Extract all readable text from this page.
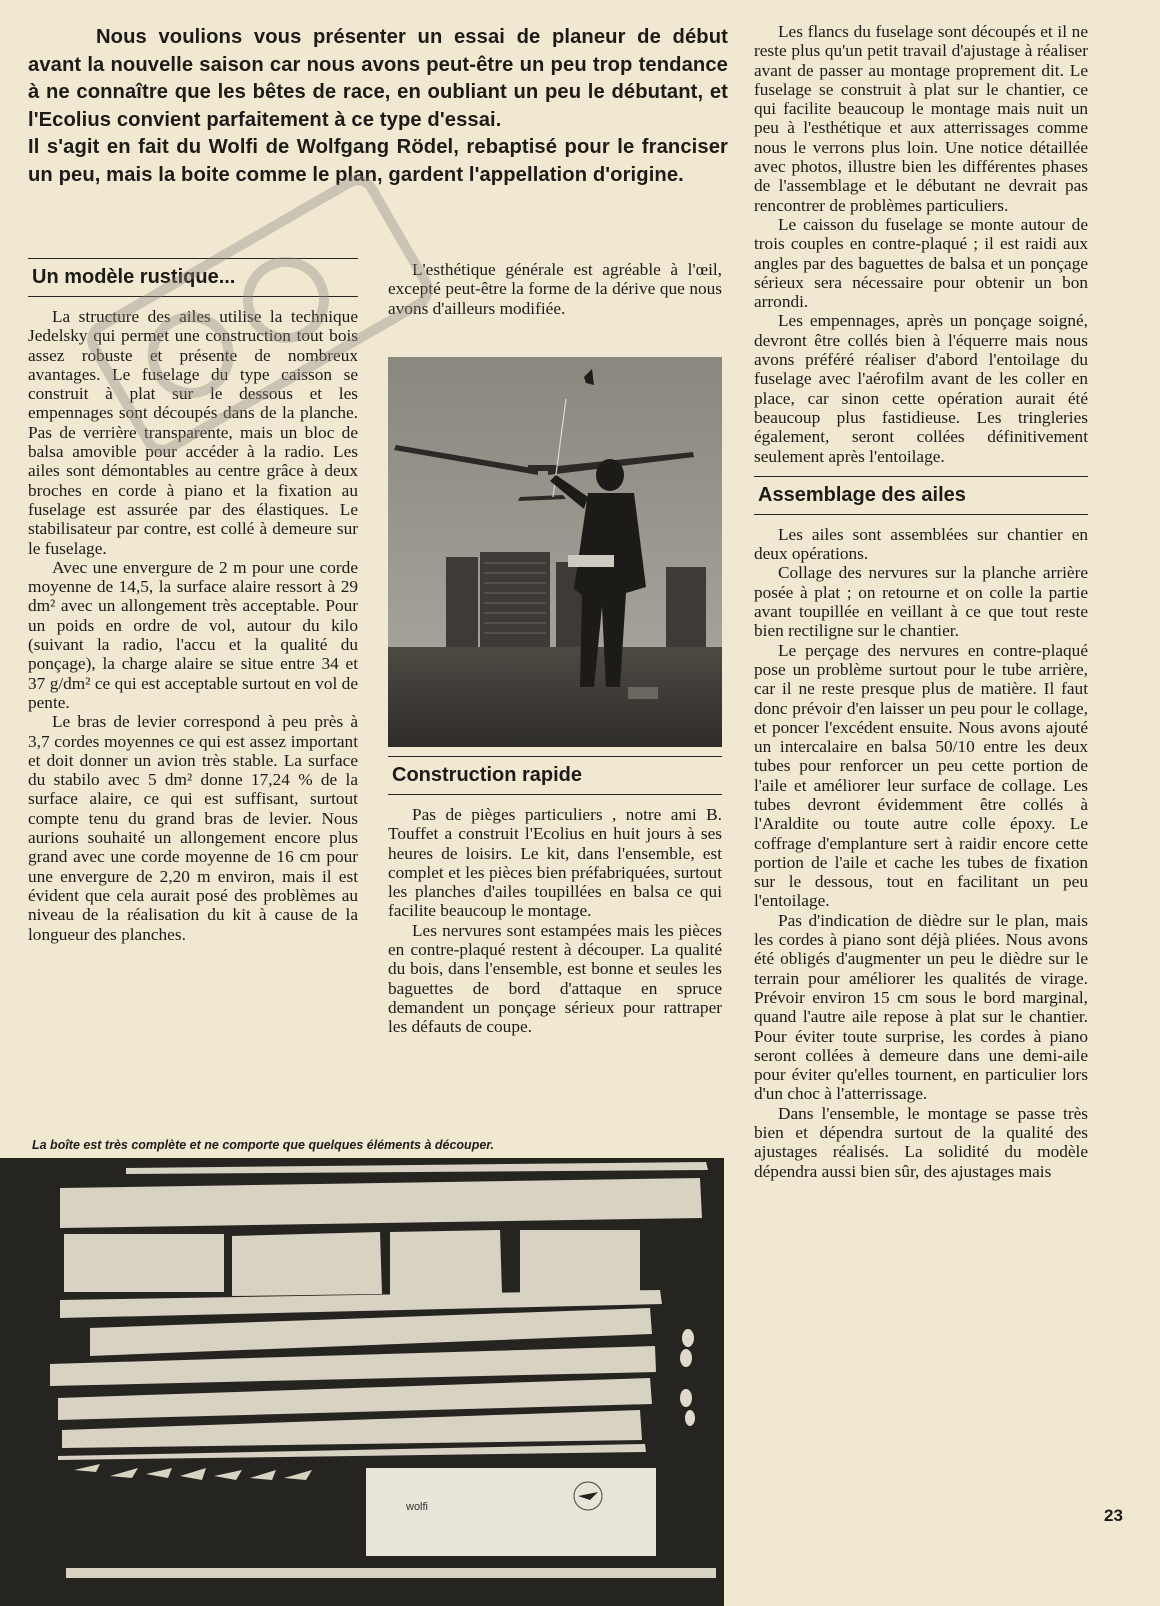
Nous voulions vous présenter un essai de planeur de début avant la nouvelle saison car nous avons peut-être un peu trop tendance à ne connaître que les bêtes de race, en oubliant un peu le débutant, et l'Ecolius convient parfaitement à ce type d'essai.

Il s'agit en fait du Wolfi de Wolfgang Rödel, rebaptisé pour le franciser un peu, mais la boite comme le plan, gardent l'appellation d'origine.

Un modèle rustique...

La structure des ailes utilise la technique Jedelsky qui permet une construction tout bois assez robuste et présente de nombreux avantages. Le fuselage du type caisson se construit à plat sur le dessous et les empennages sont découpés dans de la planche. Pas de verrière transparente, mais un bloc de balsa amovible pour accéder à la radio. Les ailes sont démontables au centre grâce à deux broches en corde à piano et la fixation au fuselage est assurée par des élastiques. Le stabilisateur par contre, est collé à demeure sur le fuselage.

Avec une envergure de 2 m pour une corde moyenne de 14,5, la surface alaire ressort à 29 dm² avec un allongement très acceptable. Pour un poids en ordre de vol, autour du kilo (suivant la radio, l'accu et la qualité du ponçage), la charge alaire se situe entre 34 et 37 g/dm² ce qui est acceptable surtout en vol de pente.

Le bras de levier correspond à peu près à 3,7 cordes moyennes ce qui est assez important et doit donner un avion très stable. La surface du stabilo avec 5 dm² donne 17,24 % de la surface alaire, ce qui est suffisant, surtout compte tenu du grand bras de levier. Nous aurions souhaité un allongement encore plus grand avec une corde moyenne de 16 cm pour une envergure de 2,20 m environ, mais il est évident que cela aurait posé des problèmes au niveau de la réalisation du kit à cause de la longueur des planches.

L'esthétique générale est agréable à l'œil, excepté peut-être la forme de la dérive que nous avons d'ailleurs modifiée.

Construction rapide

Pas de pièges particuliers , notre ami B. Touffet a construit l'Ecolius en huit jours à ses heures de loisirs. Le kit, dans l'ensemble, est complet et les pièces bien préfabriquées, surtout les planches d'ailes toupillées en balsa ce qui facilite beaucoup le montage.

Les nervures sont estampées mais les pièces en contre-plaqué restent à découper. La qualité du bois, dans l'ensemble, est bonne et seules les baguettes de bord d'attaque en spruce demandent un ponçage sérieux pour rattraper les défauts de coupe.

Les flancs du fuselage sont découpés et il ne reste plus qu'un petit travail d'ajustage à réaliser avant de passer au montage proprement dit. Le fuselage se construit à plat sur le chantier, ce qui facilite beaucoup le montage mais nuit un peu à l'esthétique et aux atterrissages comme nous le verrons plus loin. Une notice détaillée avec photos, illustre bien les différentes phases de l'assemblage et le débutant ne devrait pas rencontrer de problèmes particuliers.

Le caisson du fuselage se monte autour de trois couples en contre-plaqué ; il est raidi aux angles par des baguettes de balsa et un ponçage sérieux sera nécessaire pour obtenir un bon arrondi.

Les empennages, après un ponçage soigné, devront être collés bien à l'équerre mais nous avons préféré réaliser d'abord l'entoilage du fuselage avec l'aérofilm avant de les coller en place, car sinon cette opération aurait été beaucoup plus fastidieuse. Les tringleries également, seront collées définitivement seulement après l'entoilage.

Assemblage des ailes

Les ailes sont assemblées sur chantier en deux opérations.

Collage des nervures sur la planche arrière posée à plat ; on retourne et on colle la partie avant toupillée en veillant à ce que tout reste bien rectiligne sur le chantier.

Le perçage des nervures en contre-plaqué pose un problème surtout pour le tube arrière, car il ne reste presque plus de matière. Il faut donc prévoir d'en laisser un peu pour le collage, et poncer l'excédent ensuite. Nous avons ajouté un intercalaire en balsa 50/10 entre les deux tubes pour renforcer un peu cette portion de l'aile et améliorer leur surface de collage. Les tubes devront évidemment être collés à l'Araldite ou toute autre colle époxy. Le coffrage d'emplanture sert à raidir encore cette portion de l'aile et cache les tubes de fixation sur le dessous, tout en facilitant un peu l'entoilage.

Pas d'indication de dièdre sur le plan, mais les cordes à piano sont déjà pliées. Nous avons été obligés d'augmenter un peu le dièdre sur le terrain pour améliorer les qualités de virage. Prévoir environ 15 cm sous le bord marginal, quand l'autre aile repose à plat sur le chantier. Pour éviter toute surprise, les cordes à piano seront collées à demeure dans une demi-aile pour éviter qu'elles tournent, en particulier lors d'un choc à l'atterrissage.

Dans l'ensemble, le montage se passe très bien et dépendra surtout de la qualité des ajustages réalisés. La solidité du modèle dépendra aussi bien sûr, des ajustages mais

La boîte est très complète et ne comporte que quelques éléments à découper.
wolfi	23
